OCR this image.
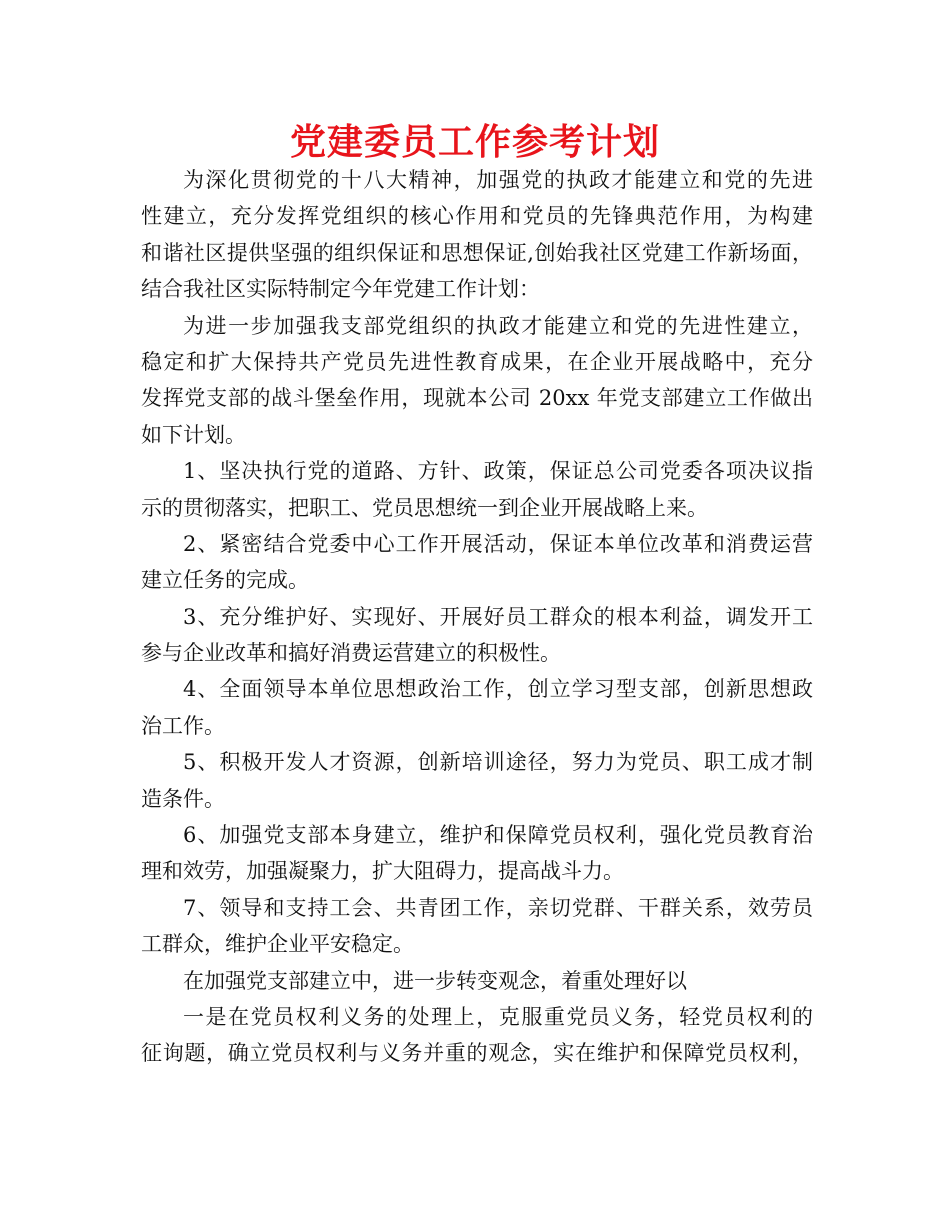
党建委员工作参考计划
为深化贯彻党的十八大精神，加强党的执政才能建立和党的先进
性建立，充分发挥党组织的核心作用和党员的先锋典范作用，为构建
和谐社区提供坚强的组织保证和思想保证,创始我社区党建工作新场面，
结合我社区实际特制定今年党建工作计划：
为进一步加强我支部党组织的执政才能建立和党的先进性建立，
稳定和扩大保持共产党员先进性教育成果，在企业开展战略中，充分
发挥党支部的战斗堡垒作用，现就本公司 20xx 年党支部建立工作做出
如下计划。
1、坚决执行党的道路、方针、政策，保证总公司党委各项决议指
示的贯彻落实，把职工、党员思想统一到企业开展战略上来。
2、紧密结合党委中心工作开展活动，保证本单位改革和消费运营
建立任务的完成。
3、充分维护好、实现好、开展好员工群众的根本利益，调发开工
参与企业改革和搞好消费运营建立的积极性。
4、全面领导本单位思想政治工作，创立学习型支部，创新思想政
治工作。
5、积极开发人才资源，创新培训途径，努力为党员、职工成才制
造条件。
6、加强党支部本身建立，维护和保障党员权利，强化党员教育治
理和效劳，加强凝聚力，扩大阻碍力，提高战斗力。
7、领导和支持工会、共青团工作，亲切党群、干群关系，效劳员
工群众，维护企业平安稳定。
在加强党支部建立中，进一步转变观念，着重处理好以
一是在党员权利义务的处理上，克服重党员义务，轻党员权利的
征询题，确立党员权利与义务并重的观念，实在维护和保障党员权利，
